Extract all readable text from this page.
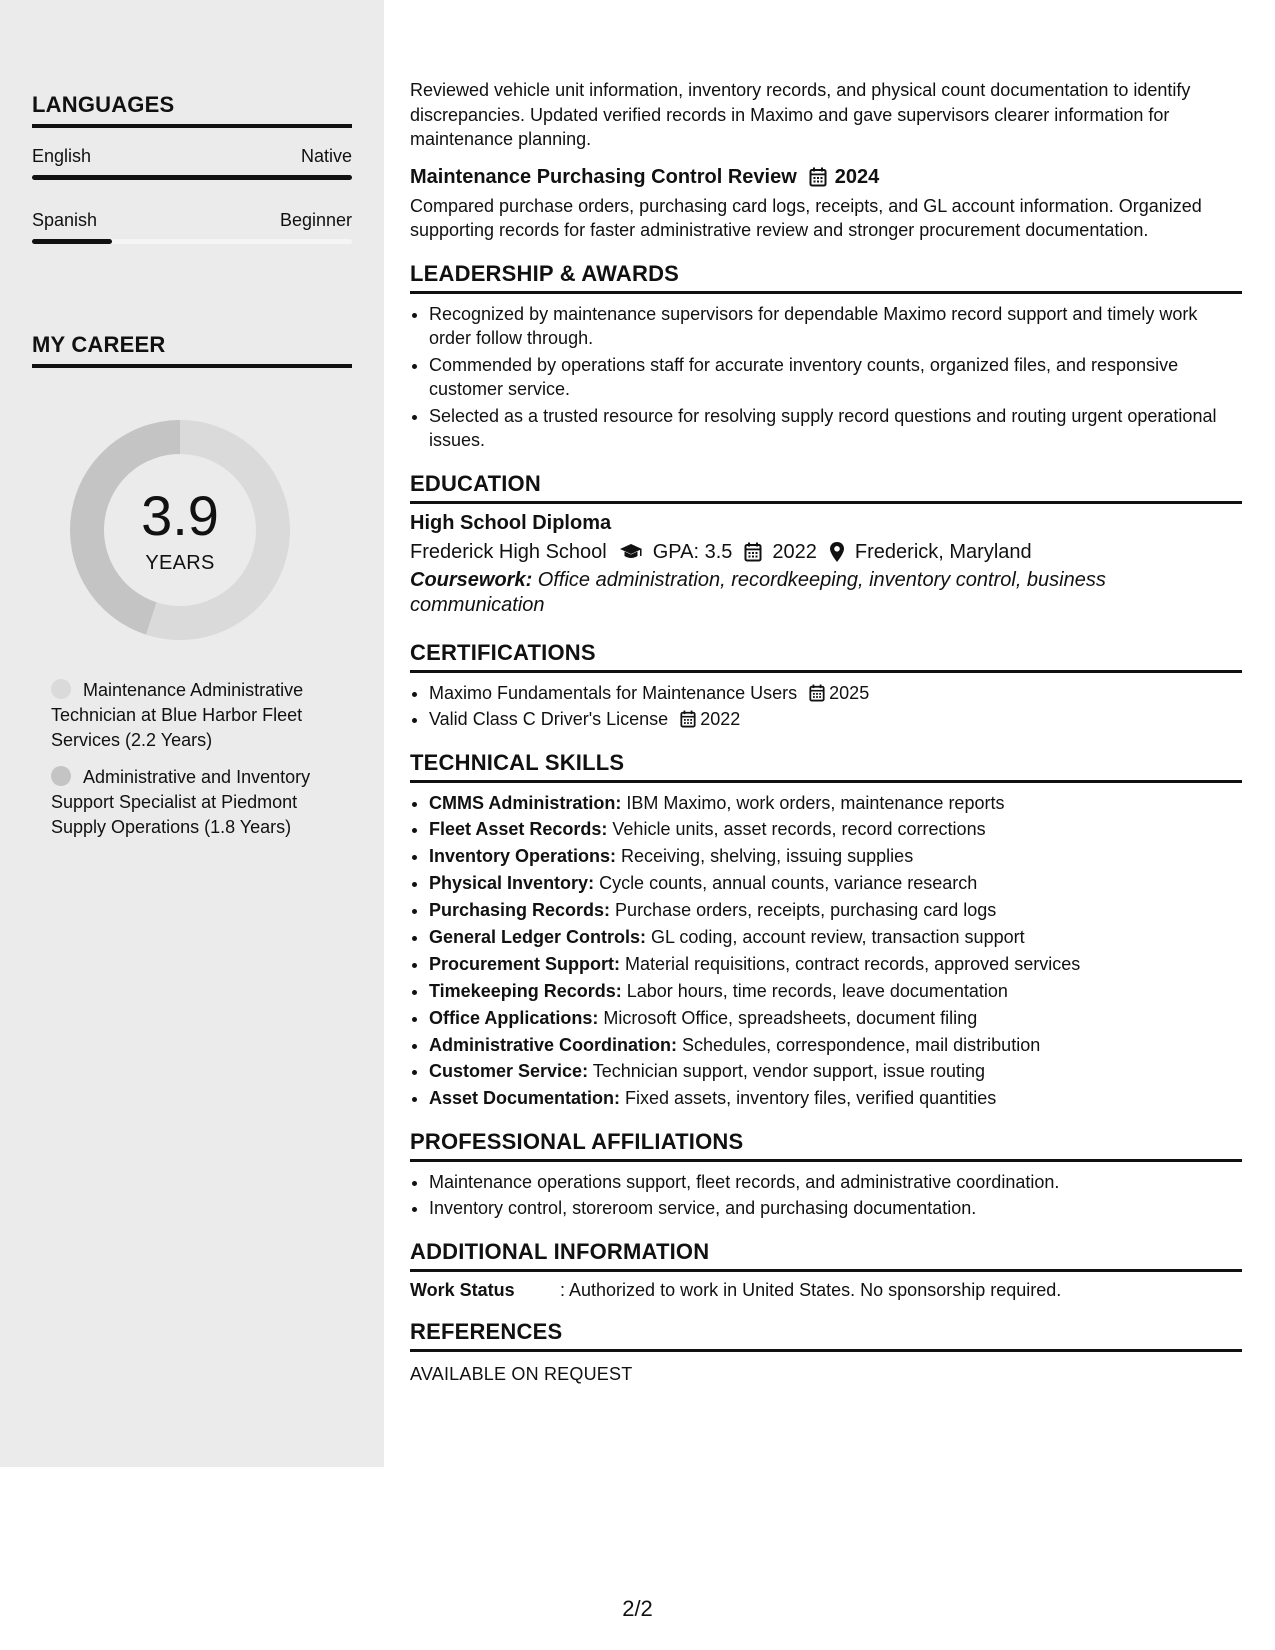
LANGUAGES
English	Native
Spanish	Beginner
MY CAREER
3.9
YEARS
Maintenance Administrative Technician at Blue Harbor Fleet Services (2.2 Years)
Administrative and Inventory Support Specialist at Piedmont Supply Operations (1.8 Years)

Reviewed vehicle unit information, inventory records, and physical count documentation to identify discrepancies. Updated verified records in Maximo and gave supervisors clearer information for maintenance planning.

Maintenance Purchasing Control Review 2024

Compared purchase orders, purchasing card logs, receipts, and GL account information. Organized supporting records for faster administrative review and stronger procurement documentation.

LEADERSHIP & AWARDS
• Recognized by maintenance supervisors for dependable Maximo record support and timely work order follow through.
• Commended by operations staff for accurate inventory counts, organized files, and responsive customer service.
• Selected as a trusted resource for resolving supply record questions and routing urgent operational issues.
EDUCATION
High School Diploma
Frederick High School GPA: 3.5 2022 Frederick, Maryland
Coursework: Office administration, recordkeeping, inventory control, business communication
CERTIFICATIONS
• Maximo Fundamentals for Maintenance Users 2025
• Valid Class C Driver's License 2022
TECHNICAL SKILLS
• CMMS Administration: IBM Maximo, work orders, maintenance reports
• Fleet Asset Records: Vehicle units, asset records, record corrections
• Inventory Operations: Receiving, shelving, issuing supplies
• Physical Inventory: Cycle counts, annual counts, variance research
• Purchasing Records: Purchase orders, receipts, purchasing card logs
• General Ledger Controls: GL coding, account review, transaction support
• Procurement Support: Material requisitions, contract records, approved services
• Timekeeping Records: Labor hours, time records, leave documentation
• Office Applications: Microsoft Office, spreadsheets, document filing
• Administrative Coordination: Schedules, correspondence, mail distribution
• Customer Service: Technician support, vendor support, issue routing
• Asset Documentation: Fixed assets, inventory files, verified quantities
PROFESSIONAL AFFILIATIONS
• Maintenance operations support, fleet records, and administrative coordination.
• Inventory control, storeroom service, and purchasing documentation.
ADDITIONAL INFORMATION
Work Status	: Authorized to work in United States. No sponsorship required.
REFERENCES
AVAILABLE ON REQUEST
2/2
